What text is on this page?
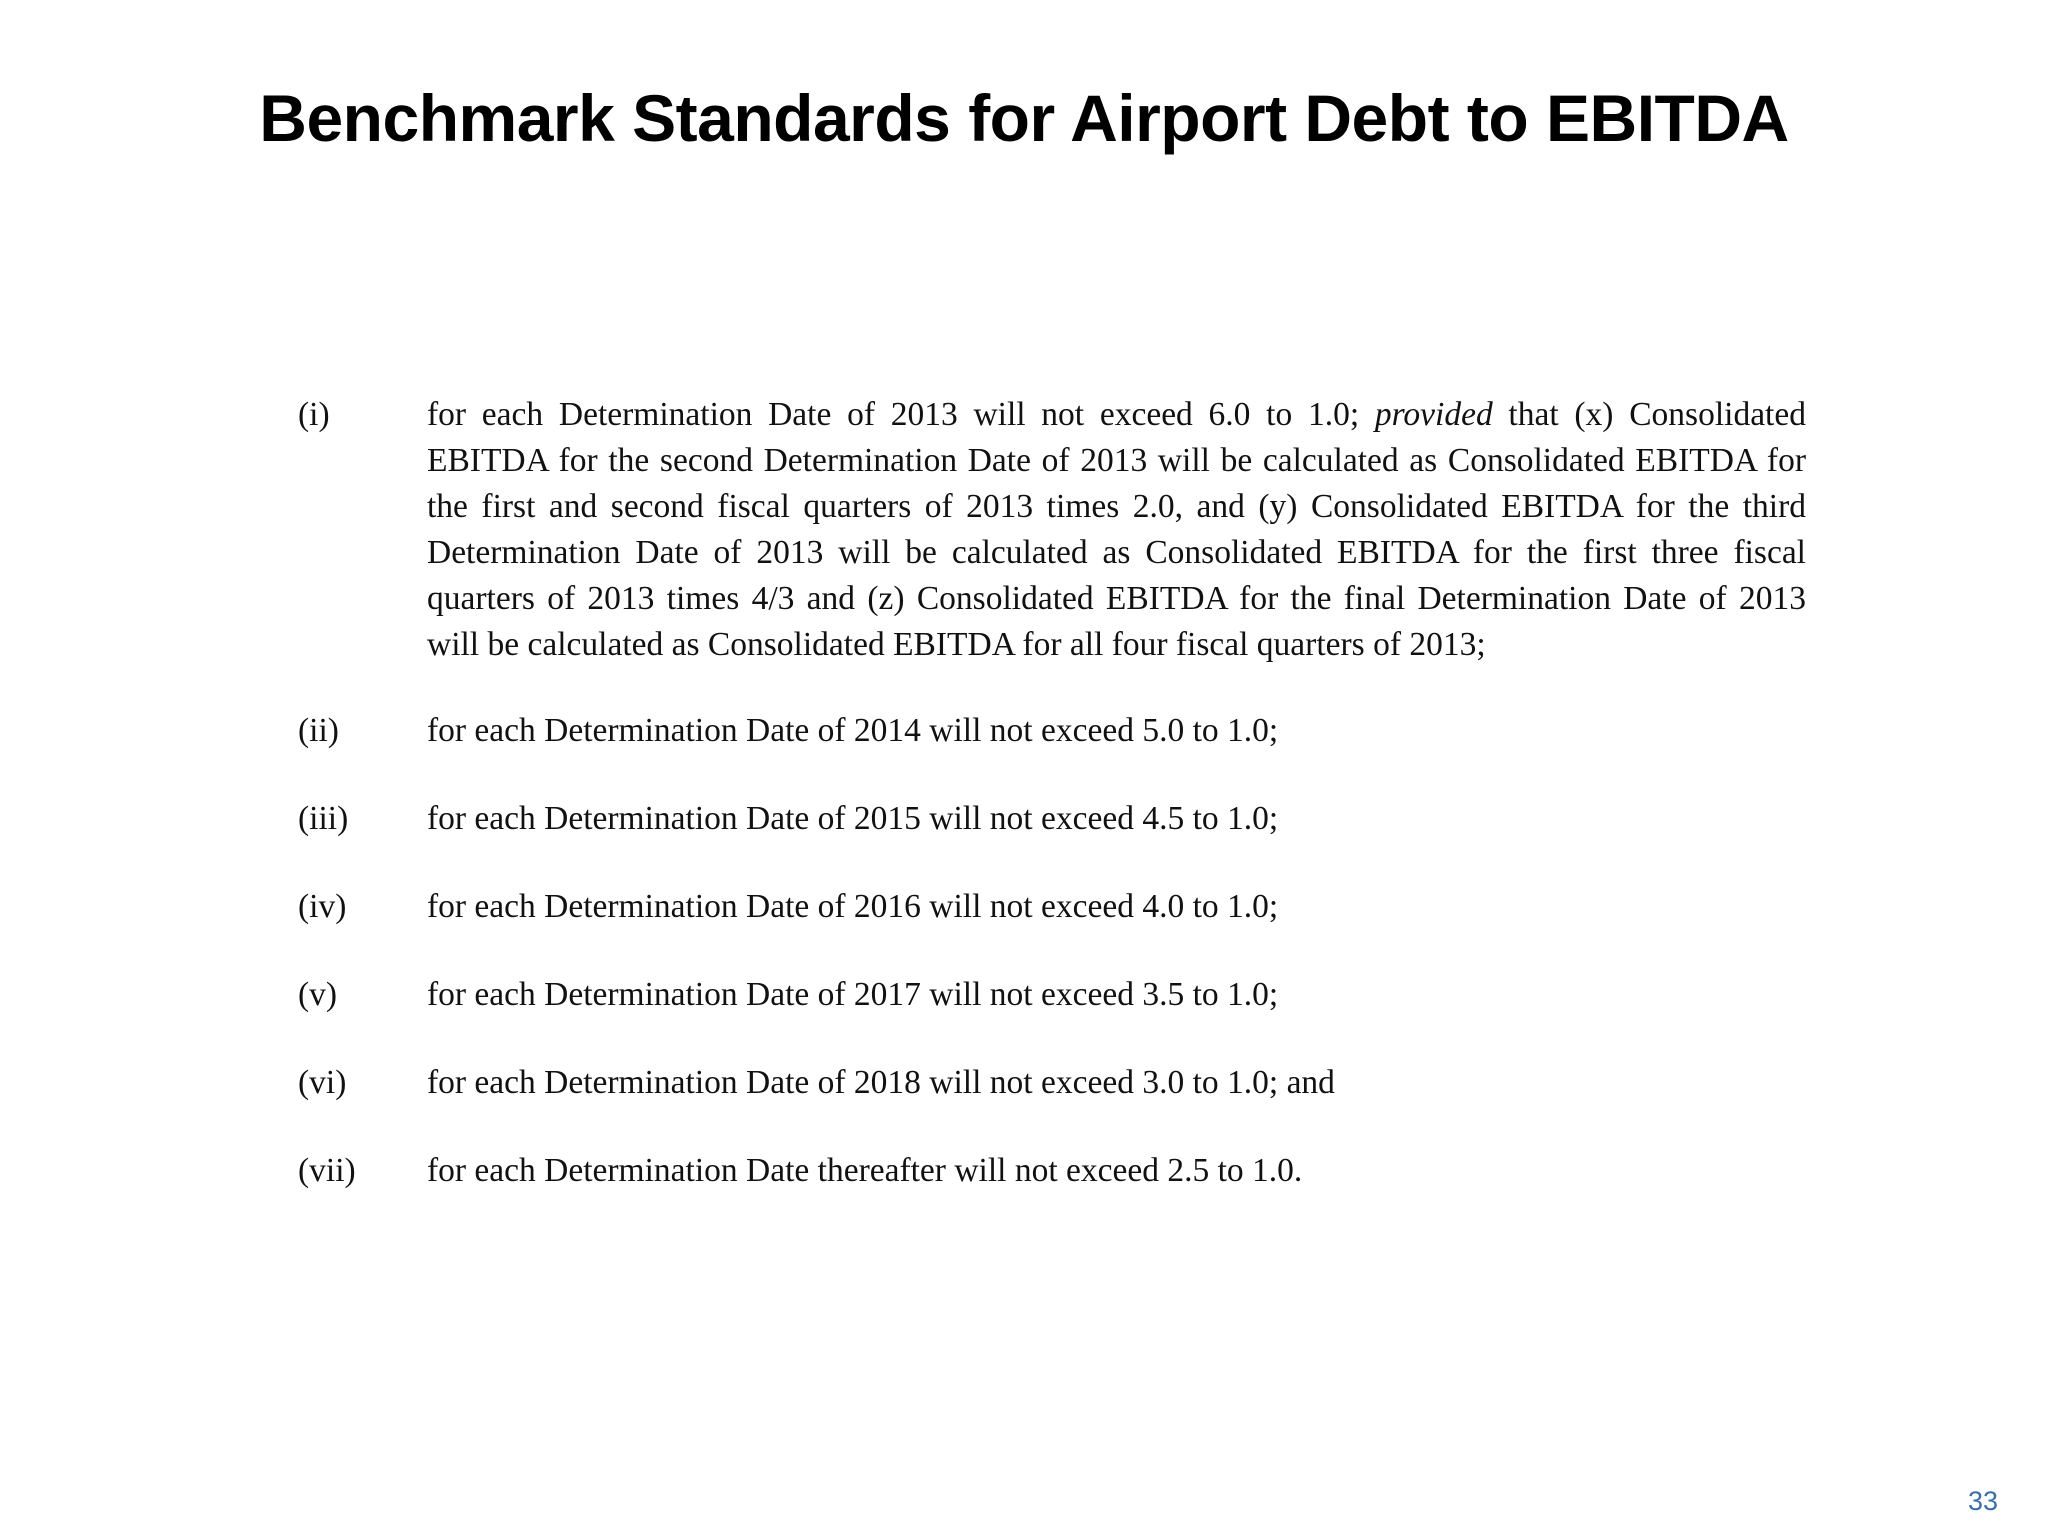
Benchmark Standards for Airport Debt to EBITDA
(i)	for each Determination Date of 2013 will not exceed 6.0 to 1.0; provided that (x) Consolidated EBITDA for the second Determination Date of 2013 will be calculated as Consolidated EBITDA for the first and second fiscal quarters of 2013 times 2.0, and (y) Consolidated EBITDA for the third Determination Date of 2013 will be calculated as Consolidated EBITDA for the first three fiscal quarters of 2013 times 4/3 and (z) Consolidated EBITDA for the final Determination Date of 2013 will be calculated as Consolidated EBITDA for all four fiscal quarters of 2013;
(ii)	for each Determination Date of 2014 will not exceed 5.0 to 1.0;
(iii)	for each Determination Date of 2015 will not exceed 4.5 to 1.0;
(iv)	for each Determination Date of 2016 will not exceed 4.0 to 1.0;
(v)	for each Determination Date of 2017 will not exceed 3.5 to 1.0;
(vi)	for each Determination Date of 2018 will not exceed 3.0 to 1.0; and
(vii)	for each Determination Date thereafter will not exceed 2.5 to 1.0.
33
